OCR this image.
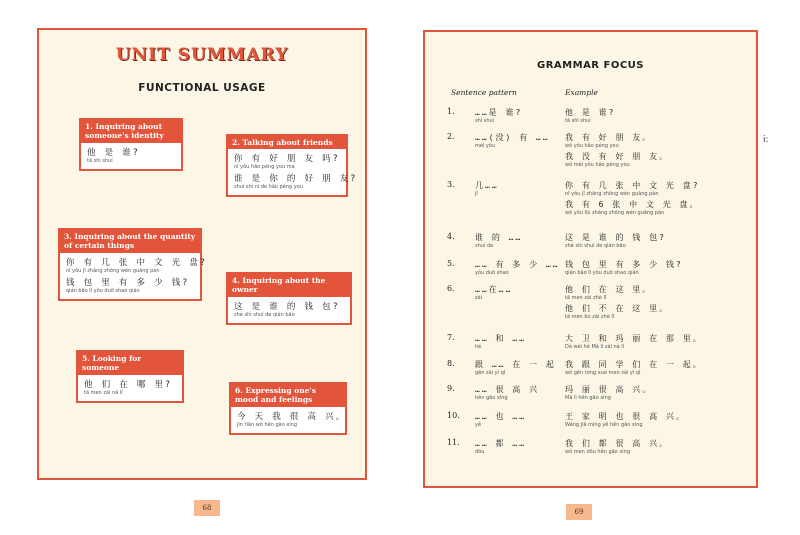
UNIT SUMMARY
FUNCTIONAL USAGE
1. Inquiring about someone's identity
他 是 谁?
tā shì shuí
2. Talking about friends
你 有 好 朋 友 吗?
nǐ yǒu hǎo péng you ma
谁 是 你 的 好 朋 友?
shuí shì nǐ de hǎo péng you
3. Inquiring about the quantity of certain things
你 有 几 张 中 文 光 盘?
nǐ yǒu jǐ zhāng zhōng wén guāng pán
钱 包 里 有 多 少 钱?
qián bāo lǐ yǒu duō shao qián
4. Inquiring about the owner
这 是 谁 的 钱 包?
zhè shì shuí de qián bāo
5. Looking for someone
他 们 在 哪 里?
tā men zài nǎ lǐ	6. Expressing one's mood and feelings
今 天 我 很 高 兴。
jīn tiān wǒ hěn gāo xìng
68
GRAMMAR FOCUS
Sentence pattern	Example
1.	……是 谁?
shì shuí
他 是 谁?
tā shì shuí
2.	……(没) 有 ……
méi yǒu
我 有 好 朋 友。
wǒ yǒu hǎo péng you
我 没 有 好 朋 友。
wǒ méi yǒu hǎo péng you
3.	几……
jǐ
你 有 几 张 中 文 光 盘?
nǐ yǒu jǐ zhāng zhōng wén guāng pán
我 有 6 张 中 文 光 盘。
wǒ yǒu liù zhāng zhōng wén guāng pán
4.	谁 的 ……
shuí de
这 是 谁 的 钱 包?
zhè shì shuí de qián bāo
5.	…… 有 多 少 ……
yǒu duō shao
钱 包 里 有 多 少 钱?
qián bāo lǐ yǒu duō shao qián
6.	……在……
zài
他 们 在 这 里。
tā men zài zhè lǐ
他 们 不 在 这 里。
tā men bú zài zhè lǐ
7.	…… 和 ……
hé
大 卫 和 玛 丽 在 那 里。
Dà wèi hé Mǎ lì zài nà lǐ
8.	跟 …… 在 一 起
gēn zài yì qǐ
我 跟 同 学 们 在 一 起。
wǒ gēn tóng xué men zài yì qǐ
9.	…… 很 高 兴
hěn gāo xìng
玛 丽 很 高 兴。
Mǎ lì hěn gāo xìng
10. …… 也 ……
yě
王 家 明 也 很 高 兴。
Wáng Jiā míng yě hěn gāo xìng
11. …… 都 ……
dōu
我 们 都 很 高 兴。
wǒ men dōu hěn gāo xìng
69
i:
